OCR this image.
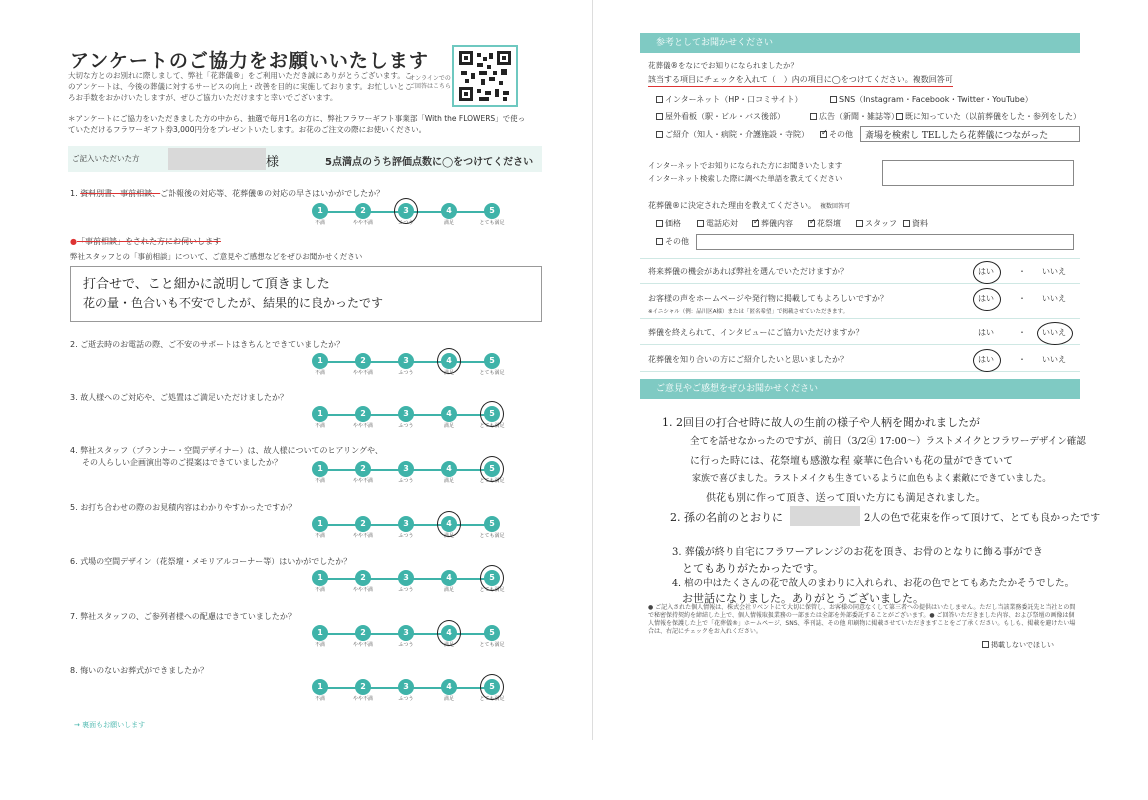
アンケートのご協力をお願いいたします
大切な方とのお別れに際しまして、弊社「花葬儀®」をご利用いただき誠にありがとうございます。このアンケートは、今後の葬儀に対するサービスの向上・改善を目的に実施しております。お忙しいところお手数をおかけいたしますが、ぜひご協力いただけますと幸いでございます。
オンラインでのご回答はこちら
＊アンケートにご協力をいただきました方の中から、抽選で毎月1名の方に、弊社フラワーギフト事業部「With the FLOWERS」で使っていただけるフラワーギフト券3,000円分をプレゼントいたします。お花のご注文の際にお使いください。
ご記入いただいた方	様	5点満点のうち評価点数に◯をつけてください
1. 資料別書、事前相談、ご訃報後の対応等、花葬儀®の対応の早さはいかがでしたか？
1
不満
2
やや不満
3
ふつう
4
満足
5
とても満足
●「事前相談」をされた方にお伺いします
弊社スタッフとの「事前相談」について、ご意見やご感想などをぜひお聞かせください
打合せで、こと細かに説明して頂きました
花の量・色合いも不安でしたが、結果的に良かったです
2. ご逝去時のお電話の際、ご不安のサポートはきちんとできていましたか？
1
不満
2
やや不満
3
ふつう
4
満足
5
とても満足
3. 故人様へのご対応や、ご処置はご満足いただけましたか？
1
不満
2
やや不満
3
ふつう
4
満足
5
とても満足
4. 弊社スタッフ（プランナー・空間デザイナー）は、故人様についてのヒアリングや、
その人らしい企画演出等のご提案はできていましたか？
1
不満
2
やや不満
3
ふつう
4
満足
5
とても満足
5. お打ち合わせの際のお見積内容はわかりやすかったですか？
1
不満
2
やや不満
3
ふつう
4
満足
5
とても満足
6. 式場の空間デザイン（花祭壇・メモリアルコーナー等）はいかがでしたか？
1
不満
2
やや不満
3
ふつう
4
満足
5
とても満足
7. 弊社スタッフの、ご参列者様への配慮はできていましたか？
1
不満
2
やや不満
3
ふつう
4
満足
5
とても満足
8. 悔いのないお葬式ができましたか？
1
不満
2
やや不満
3
ふつう
4
満足
5
とても満足
→ 裏面もお願いします
参考としてお聞かせください
花葬儀®をなにでお知りになられましたか？
該当する項目にチェックを入れて（　）内の項目に◯をつけてください。複数回答可
インターネット（HP・口コミサイト）	SNS（Instagram・Facebook・Twitter・YouTube）
屋外看板（駅・ビル・バス後部）	広告（新聞・雑誌等） 既に知っていた（以前葬儀をした・参列をした）
ご紹介（知人・病院・介護施設・寺院） ✓	その他 斎場を検索し TELしたら花葬儀につながった
インターネットでお知りになられた方にお聞きいたします
インターネット検索した際に調べた単語を教えてください
花葬儀®に決定された理由を教えてください。 複数回答可
価格	電話応対 ✓	葬儀内容 ✓	花祭壇	スタッフ	資料
その他
将来葬儀の機会があれば弊社を選んでいただけますか？	はい	・ いいえ
お客様の声をホームページや発行物に掲載してもよろしいですか？
※イニシャル（例：品川区A様）または「匿名希望」で掲載させていただきます。
はい	・ いいえ
葬儀を終えられて、インタビューにご協力いただけますか？	はい	・ いいえ
花葬儀を知り合いの方にご紹介したいと思いましたか？	はい	・ いいえ
ご意見やご感想をぜひお聞かせください
1. 2回目の打合せ時に故人の生前の様子や人柄を聞かれましたが
全てを話せなかったのですが、前日（3/2④ 17:00～）ラストメイクとフラワーデザイン確認
に行った時には、花祭壇も感激な程 豪華に色合いも花の量ができていて
家族で喜びました。ラストメイクも生きているように血色もよく素敵にできていました。
供花も別に作って頂き、送って頂いた方にも満足されました。
2. 孫の名前のとおりに	2人の色で花束を作って頂けて、とても良かったです
3. 葬儀が終り自宅にフラワーアレンジのお花を頂き、お骨のとなりに飾る事ができ
とてもありがたかったです。
4. 棺の中はたくさんの花で故人のまわりに入れられ、お花の色でとてもあたたかそうでした。
お世話になりました。ありがとうございました。
● ご記入された個人情報は、株式会社リベントにて大切に保管し、お客様の同意なくして第三者への提供はいたしません。ただし当該業務委託先と当社との間で秘密保持契約を締結した上で、個人情報取扱業務の一部または全部を外部委託することがございます。● ご回答いただきました内容、および祭壇の画像は個人情報を保護した上で「花葬儀®」ホームページ、SNS、季刊誌、その他 印刷物に掲載させていただきますことをご了承ください。もしも、掲載を避けたい場合は、右記にチェックをお入れください。
掲載しないでほしい
